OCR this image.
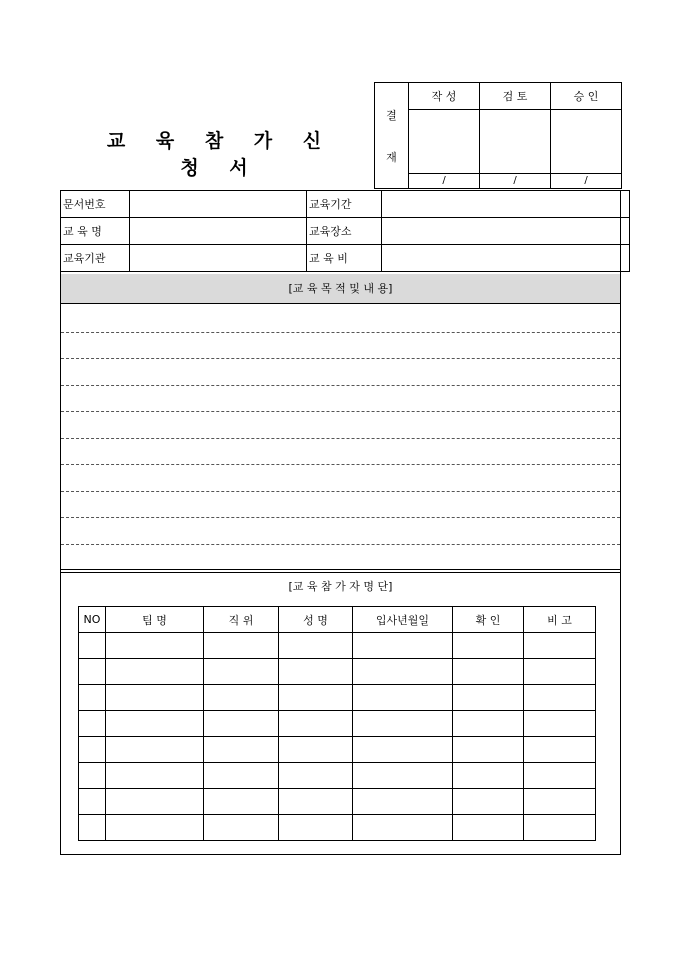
교 육 참 가 신 청 서
결
재	작 성	검 토	승 인

	/	/	/
문서번호		교육기간	
교 육 명		교육장소	
교육기관		교 육 비	
[교 육 목 적 및 내 용]
[교 육 참 가 자 명 단]
NO	팀 명	직 위	성 명	입사년월일	확 인	비 고
